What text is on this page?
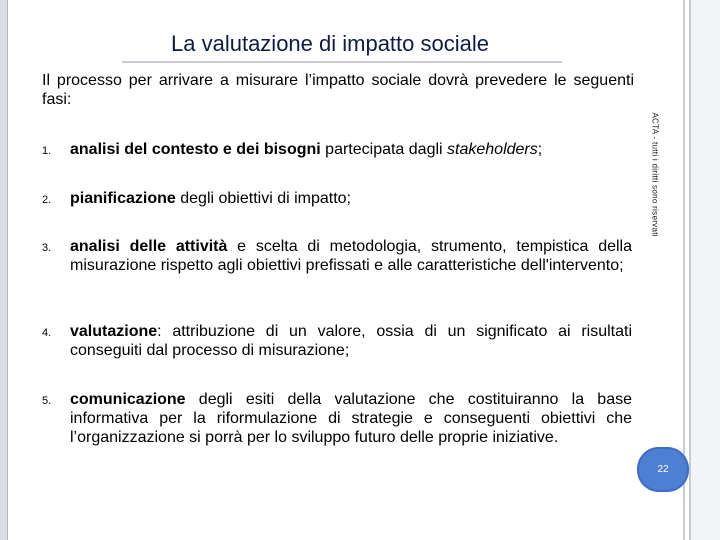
La valutazione di impatto sociale
Il processo per arrivare a misurare l’impatto sociale dovrà prevedere le seguenti fasi:
1. analisi del contesto e dei bisogni partecipata dagli stakeholders;
2. pianificazione degli obiettivi di impatto;
3. analisi delle attività e scelta di metodologia, strumento, tempistica della misurazione rispetto agli obiettivi prefissati e alle caratteristiche dell'intervento;
4. valutazione: attribuzione di un valore, ossia di un significato ai risultati conseguiti dal processo di misurazione;
5. comunicazione degli esiti della valutazione che costituiranno la base informativa per la riformulazione di strategie e conseguenti obiettivi che l’organizzazione si porrà per lo sviluppo futuro delle proprie iniziative.
ACTA - tutti i diritti sono riservati
22
